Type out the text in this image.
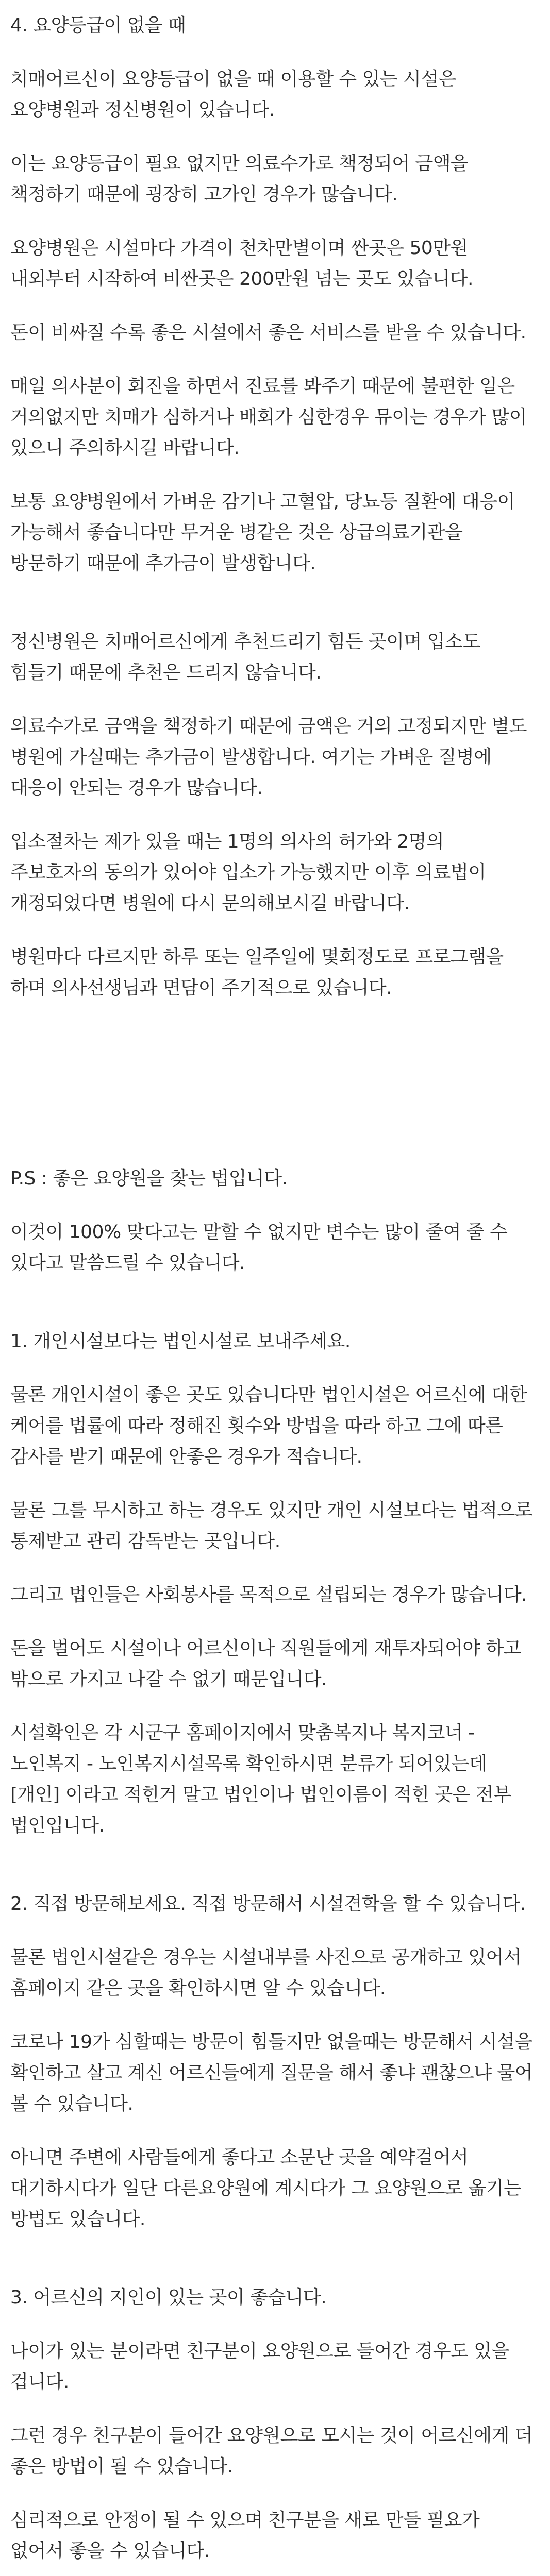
4. 요양등급이 없을 때

치매어르신이 요양등급이 없을 때 이용할 수 있는 시설은 요양병원과 정신병원이 있습니다.

이는 요양등급이 필요 없지만 의료수가로 책정되어 금액을 책정하기 때문에 굉장히 고가인 경우가 많습니다.

요양병원은 시설마다 가격이 천차만별이며 싼곳은 50만원 내외부터 시작하여 비싼곳은 200만원 넘는 곳도 있습니다.

돈이 비싸질 수록 좋은 시설에서 좋은 서비스를 받을 수 있습니다.

매일 의사분이 회진을 하면서 진료를 봐주기 때문에 불편한 일은 거의없지만 치매가 심하거나 배회가 심한경우 뮤이는 경우가 많이 있으니 주의하시길 바랍니다.

보통 요양병원에서 가벼운 감기나 고혈압, 당뇨등 질환에 대응이 가능해서 좋습니다만 무거운 병같은 것은 상급의료기관을 방문하기 때문에 추가금이 발생합니다.

정신병원은 치매어르신에게 추천드리기 힘든 곳이며 입소도 힘들기 때문에 추천은 드리지 않습니다.

의료수가로 금액을 책정하기 때문에 금액은 거의 고정되지만 별도 병원에 가실때는 추가금이 발생합니다. 여기는 가벼운 질병에 대응이 안되는 경우가 많습니다.

입소절차는 제가 있을 때는 1명의 의사의 허가와 2명의 주보호자의 동의가 있어야 입소가 가능했지만 이후 의료법이 개정되었다면 병원에 다시 문의해보시길 바랍니다.

병원마다 다르지만 하루 또는 일주일에 몇회정도로 프로그램을 하며 의사선생님과 면담이 주기적으로 있습니다.

P.S : 좋은 요양원을 찾는 법입니다.

이것이 100% 맞다고는 말할 수 없지만 변수는 많이 줄여 줄 수 있다고 말씀드릴 수 있습니다.

1. 개인시설보다는 법인시설로 보내주세요.

물론 개인시설이 좋은 곳도 있습니다만 법인시설은 어르신에 대한 케어를 법률에 따라 정해진 횟수와 방법을 따라 하고 그에 따른 감사를 받기 때문에 안좋은 경우가 적습니다.

물론 그를 무시하고 하는 경우도 있지만 개인 시설보다는 법적으로 통제받고 관리 감독받는 곳입니다.

그리고 법인들은 사회봉사를 목적으로 설립되는 경우가 많습니다.

돈을 벌어도 시설이나 어르신이나 직원들에게 재투자되어야 하고 밖으로 가지고 나갈 수 없기 때문입니다.

시설확인은 각 시군구 홈페이지에서 맞춤복지나 복지코너 - 노인복지 - 노인복지시설목록 확인하시면 분류가 되어있는데 [개인] 이라고 적힌거 말고 법인이나 법인이름이 적힌 곳은 전부 법인입니다.

2. 직접 방문해보세요. 직접 방문해서 시설견학을 할 수 있습니다.

물론 법인시설같은 경우는 시설내부를 사진으로 공개하고 있어서 홈페이지 같은 곳을 확인하시면 알 수 있습니다.

코로나 19가 심할때는 방문이 힘들지만 없을때는 방문해서 시설을 확인하고 살고 계신 어르신들에게 질문을 해서 좋냐 괜찮으냐 물어 볼 수 있습니다.

아니면 주변에 사람들에게 좋다고 소문난 곳을 예약걸어서 대기하시다가 일단 다른요양원에 계시다가 그 요양원으로 옮기는 방법도 있습니다.

3. 어르신의 지인이 있는 곳이 좋습니다.

나이가 있는 분이라면 친구분이 요양원으로 들어간 경우도 있을 겁니다.

그런 경우 친구분이 들어간 요양원으로 모시는 것이 어르신에게 더 좋은 방법이 될 수 있습니다.

심리적으로 안정이 될 수 있으며 친구분을 새로 만들 필요가 없어서 좋을 수 있습니다.
